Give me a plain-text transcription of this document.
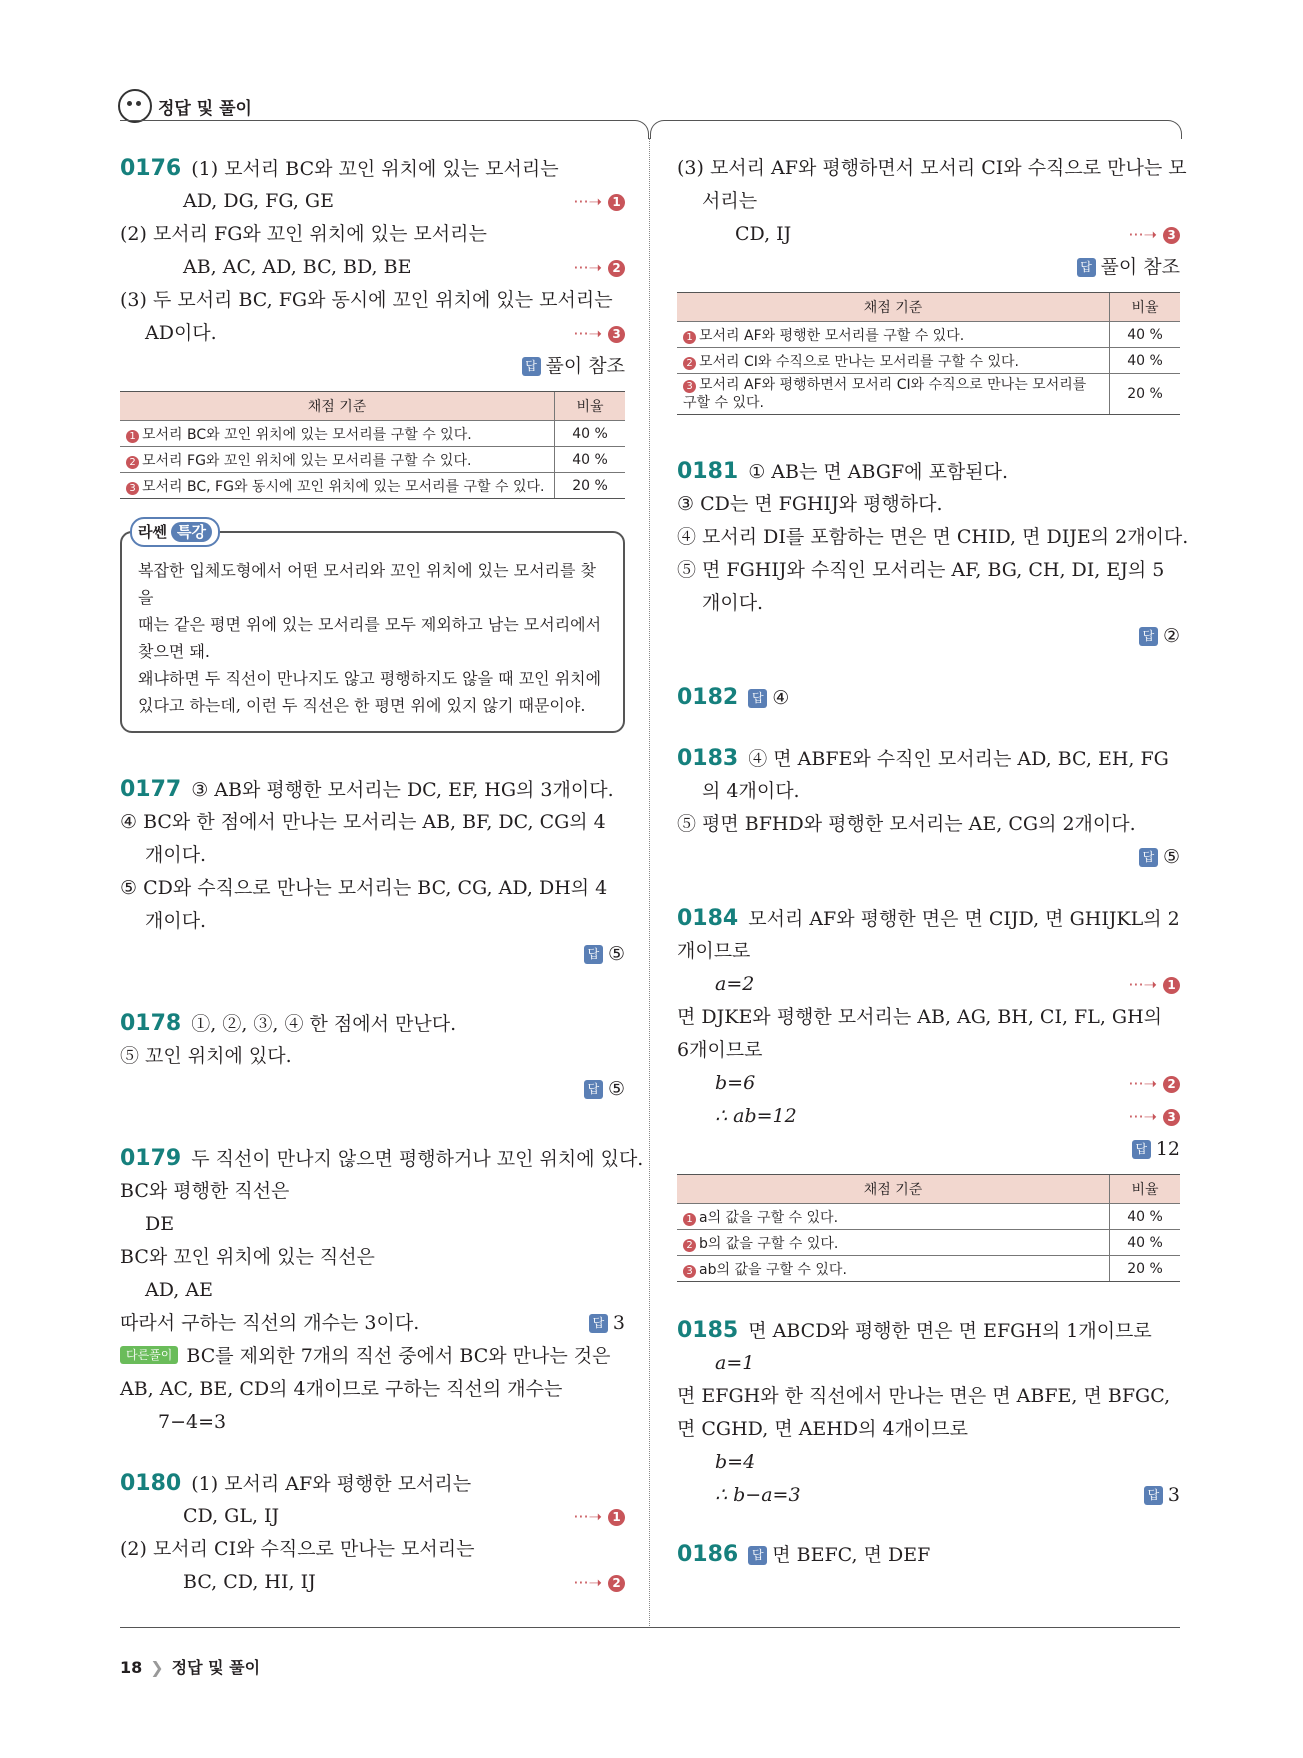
정답 및 풀이
0176 (1) 모서리 BC와 꼬인 위치에 있는 모서리는
AD, DG, FG, GE	···➝ 1
(2) 모서리 FG와 꼬인 위치에 있는 모서리는
AB, AC, AD, BC, BD, BE	···➝ 2
(3) 두 모서리 BC, FG와 동시에 꼬인 위치에 있는 모서리는
AD이다.	···➝ 3
답 풀이 참조
채점 기준	비율
1 모서리 BC와 꼬인 위치에 있는 모서리를 구할 수 있다.	40 %
2 모서리 FG와 꼬인 위치에 있는 모서리를 구할 수 있다.	40 %
3 모서리 BC, FG와 동시에 꼬인 위치에 있는 모서리를 구할 수 있다.	20 %
라쎈 특강
복잡한 입체도형에서 어떤 모서리와 꼬인 위치에 있는 모서리를 찾을
때는 같은 평면 위에 있는 모서리를 모두 제외하고 남는 모서리에서
찾으면 돼.
왜냐하면 두 직선이 만나지도 않고 평행하지도 않을 때 꼬인 위치에
있다고 하는데, 이런 두 직선은 한 평면 위에 있지 않기 때문이야.
0177 ③ AB와 평행한 모서리는 DC, EF, HG의 3개이다.
④ BC와 한 점에서 만나는 모서리는 AB, BF, DC, CG의 4
개이다.
⑤ CD와 수직으로 만나는 모서리는 BC, CG, AD, DH의 4
개이다.
답 ⑤
0178 ①, ②, ③, ④ 한 점에서 만난다.
⑤ 꼬인 위치에 있다.
답 ⑤
0179 두 직선이 만나지 않으면 평행하거나 꼬인 위치에 있다.
BC와 평행한 직선은
DE
BC와 꼬인 위치에 있는 직선은
AD, AE
따라서 구하는 직선의 개수는 3이다.	답 3
다른풀이 BC를 제외한 7개의 직선 중에서 BC와 만나는 것은
AB, AC, BE, CD의 4개이므로 구하는 직선의 개수는
7−4=3
0180 (1) 모서리 AF와 평행한 모서리는
CD, GL, IJ	···➝ 1
(2) 모서리 CI와 수직으로 만나는 모서리는
BC, CD, HI, IJ	···➝ 2
(3) 모서리 AF와 평행하면서 모서리 CI와 수직으로 만나는 모
서리는
CD, IJ	···➝ 3
답 풀이 참조
채점 기준	비율
1 모서리 AF와 평행한 모서리를 구할 수 있다.	40 %
2 모서리 CI와 수직으로 만나는 모서리를 구할 수 있다.	40 %
3 모서리 AF와 평행하면서 모서리 CI와 수직으로 만나는 모서리를 구할 수 있다.	20 %
0181 ① AB는 면 ABGF에 포함된다.
③ CD는 면 FGHIJ와 평행하다.
④ 모서리 DI를 포함하는 면은 면 CHID, 면 DIJE의 2개이다.
⑤ 면 FGHIJ와 수직인 모서리는 AF, BG, CH, DI, EJ의 5
개이다.
답 ②
0182 답 ④
0183 ④ 면 ABFE와 수직인 모서리는 AD, BC, EH, FG
의 4개이다.
⑤ 평면 BFHD와 평행한 모서리는 AE, CG의 2개이다.
답 ⑤
0184 모서리 AF와 평행한 면은 면 CIJD, 면 GHIJKL의 2
개이므로
a=2	···➝ 1
면 DJKE와 평행한 모서리는 AB, AG, BH, CI, FL, GH의
6개이므로
b=6	···➝ 2
∴ ab=12	···➝ 3
답 12
채점 기준	비율
1 a의 값을 구할 수 있다.	40 %
2 b의 값을 구할 수 있다.	40 %
3 ab의 값을 구할 수 있다.	20 %
0185 면 ABCD와 평행한 면은 면 EFGH의 1개이므로
a=1
면 EFGH와 한 직선에서 만나는 면은 면 ABFE, 면 BFGC,
면 CGHD, 면 AEHD의 4개이므로
b=4
∴ b−a=3	답 3
0186 답 면 BEFC, 면 DEF
18 ❯ 정답 및 풀이
